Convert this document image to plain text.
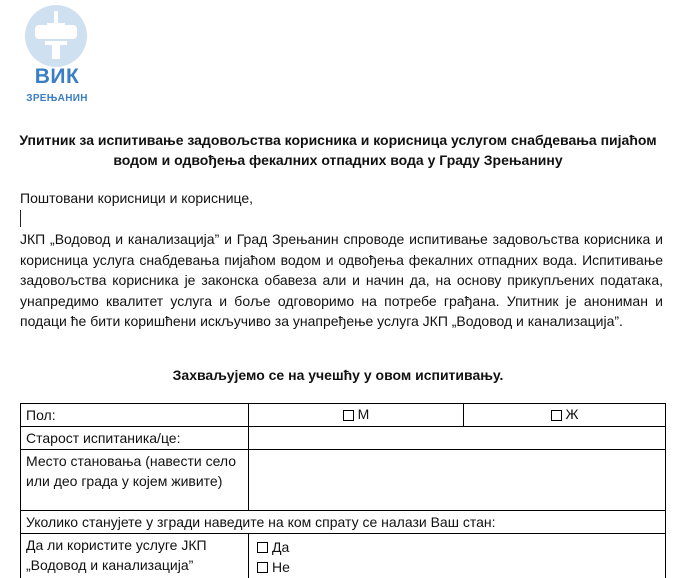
ВИК
ЗРЕЊАНИН
Упитник за испитивање задовољства корисника и корисница услугом снабдевања пијаћом водом и одвођења фекалних отпадних вода у Граду Зрењанину
Поштовани корисници и кориснице,
ЈКП „Водовод и канализација” и Град Зрењанин спроводе испитивање задовољства корисника и корисница услуга снабдевања пијаћом водом и одвођења фекалних отпадних вода. Испитивање задовољства корисника је законска обавеза али и начин да, на основу прикупљених података, унапредимо квалитет услуга и боље одговоримо на потребе грађана. Упитник је анониман и подаци ће бити коришћени искључиво за унапређење услуга ЈКП „Водовод и канализација”.
Захваљујемо се на учешћу у овом испитивању.
Пол:	М	Ж
Старост испитаника/це:
Место становања (навести село или део града у којем живите)
Уколико станујете у згради наведите на ком спрату се налази Ваш стан:
Да ли користите услуге ЈКП „Водовод и канализација”
Да
Не
